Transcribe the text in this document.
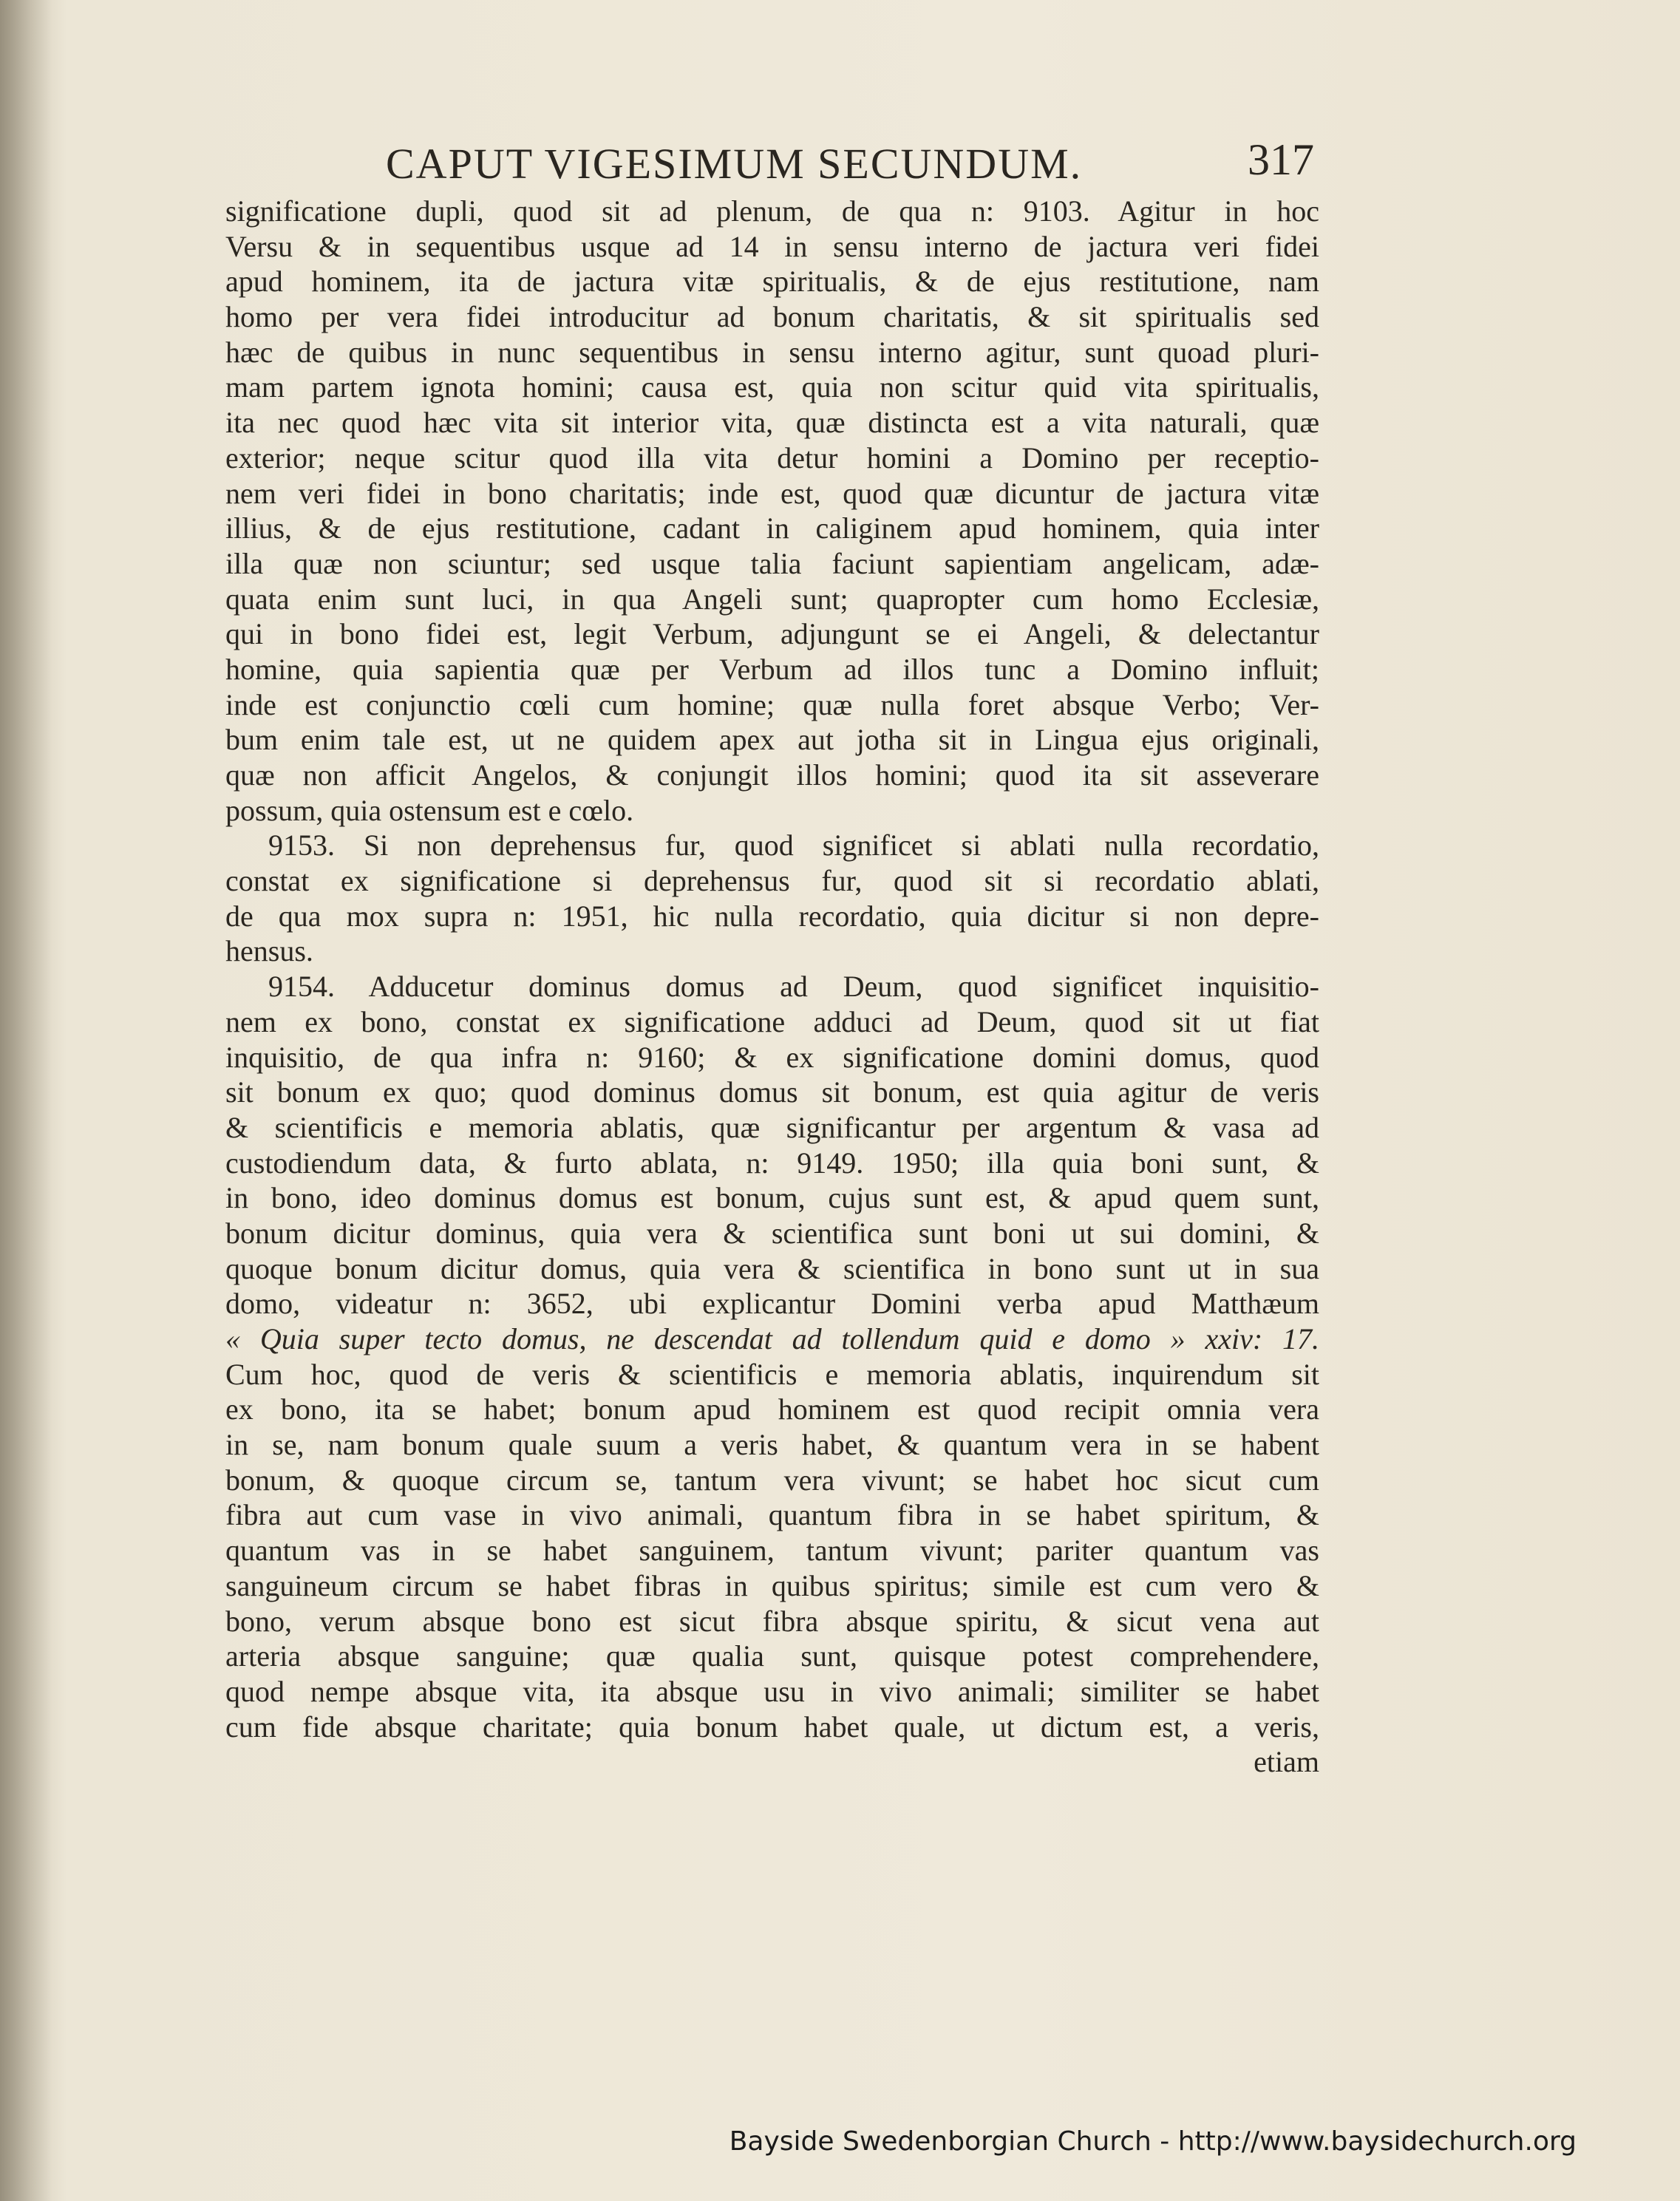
CAPUT VIGESIMUM SECUNDUM.	317
significatione dupli, quod sit ad plenum, de qua n: 9103. Agitur in hoc
Versu & in sequentibus usque ad 14 in sensu interno de jactura veri fidei
apud hominem, ita de jactura vitæ spiritualis, & de ejus restitutione, nam
homo per vera fidei introducitur ad bonum charitatis, & sit spiritualis sed
hæc de quibus in nunc sequentibus in sensu interno agitur, sunt quoad pluri-
mam partem ignota homini; causa est, quia non scitur quid vita spiritualis,
ita nec quod hæc vita sit interior vita, quæ distincta est a vita naturali, quæ
exterior; neque scitur quod illa vita detur homini a Domino per receptio-
nem veri fidei in bono charitatis; inde est, quod quæ dicuntur de jactura vitæ
illius, & de ejus restitutione, cadant in caliginem apud hominem, quia inter
illa quæ non sciuntur; sed usque talia faciunt sapientiam angelicam, adæ-
quata enim sunt luci, in qua Angeli sunt; quapropter cum homo Ecclesiæ,
qui in bono fidei est, legit Verbum, adjungunt se ei Angeli, & delectantur
homine, quia sapientia quæ per Verbum ad illos tunc a Domino influit;
inde est conjunctio cœli cum homine; quæ nulla foret absque Verbo; Ver-
bum enim tale est, ut ne quidem apex aut jotha sit in Lingua ejus originali,
quæ non afficit Angelos, & conjungit illos homini; quod ita sit asseverare
possum, quia ostensum est e cœlo.
9153. Si non deprehensus fur, quod significet si ablati nulla recordatio,
constat ex significatione si deprehensus fur, quod sit si recordatio ablati,
de qua mox supra n: 1951, hic nulla recordatio, quia dicitur si non depre-
hensus.
9154. Adducetur dominus domus ad Deum, quod significet inquisitio-
nem ex bono, constat ex significatione adduci ad Deum, quod sit ut fiat
inquisitio, de qua infra n: 9160; & ex significatione domini domus, quod
sit bonum ex quo; quod dominus domus sit bonum, est quia agitur de veris
& scientificis e memoria ablatis, quæ significantur per argentum & vasa ad
custodiendum data, & furto ablata, n: 9149. 1950; illa quia boni sunt, &
in bono, ideo dominus domus est bonum, cujus sunt est, & apud quem sunt,
bonum dicitur dominus, quia vera & scientifica sunt boni ut sui domini, &
quoque bonum dicitur domus, quia vera & scientifica in bono sunt ut in sua
domo, videatur n: 3652, ubi explicantur Domini verba apud Matthæum
« Quia super tecto domus, ne descendat ad tollendum quid e domo » xxiv: 17.
Cum hoc, quod de veris & scientificis e memoria ablatis, inquirendum sit
ex bono, ita se habet; bonum apud hominem est quod recipit omnia vera
in se, nam bonum quale suum a veris habet, & quantum vera in se habent
bonum, & quoque circum se, tantum vera vivunt; se habet hoc sicut cum
fibra aut cum vase in vivo animali, quantum fibra in se habet spiritum, &
quantum vas in se habet sanguinem, tantum vivunt; pariter quantum vas
sanguineum circum se habet fibras in quibus spiritus; simile est cum vero &
bono, verum absque bono est sicut fibra absque spiritu, & sicut vena aut
arteria absque sanguine; quæ qualia sunt, quisque potest comprehendere,
quod nempe absque vita, ita absque usu in vivo animali; similiter se habet
cum fide absque charitate; quia bonum habet quale, ut dictum est, a veris,
etiam
Bayside Swedenborgian Church - http://www.baysidechurch.org
